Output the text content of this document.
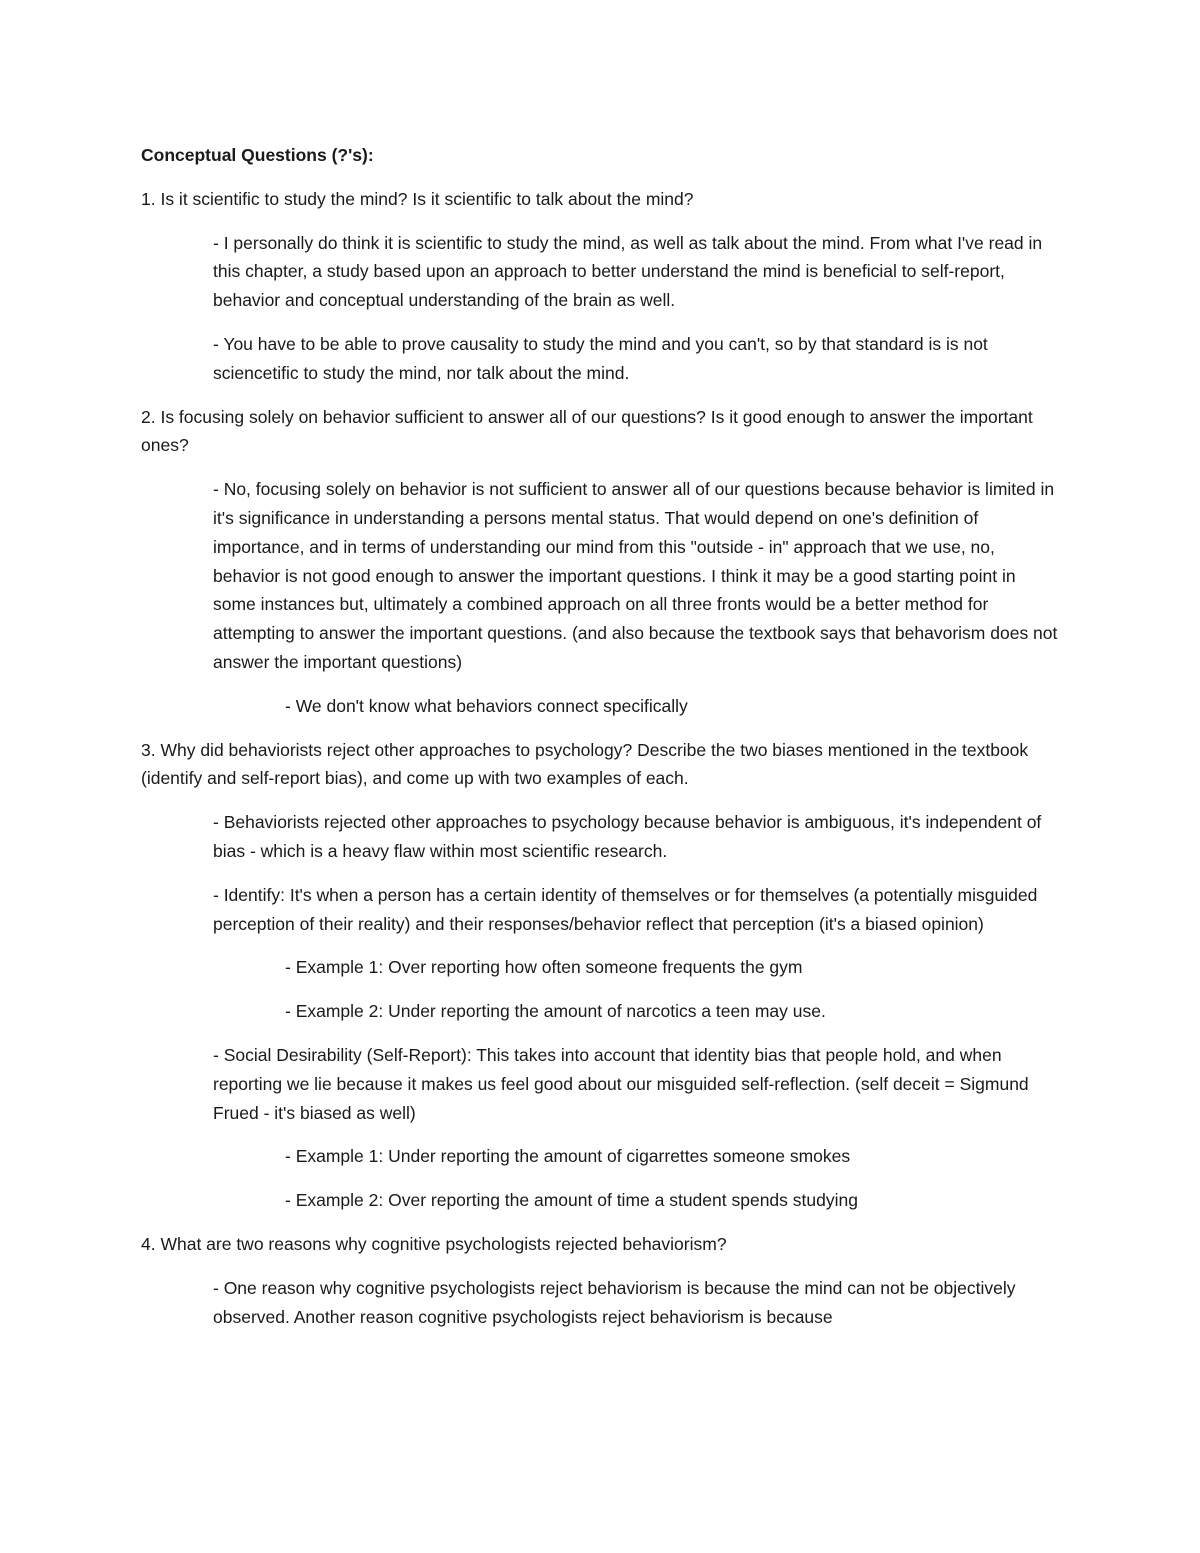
Conceptual Questions (?'s):

1. Is it scientific to study the mind? Is it scientific to talk about the mind?

- I personally do think it is scientific to study the mind, as well as talk about the mind. From what I've read in this chapter, a study based upon an approach to better understand the mind is beneficial to self-report, behavior and conceptual understanding of the brain as well.

- You have to be able to prove causality to study the mind and you can't, so by that standard is is not sciencetific to study the mind, nor talk about the mind.

2. Is focusing solely on behavior sufficient to answer all of our questions? Is it good enough to answer the important ones?

- No, focusing solely on behavior is not sufficient to answer all of our questions because behavior is limited in it's significance in understanding a persons mental status. That would depend on one's definition of importance, and in terms of understanding our mind from this "outside - in" approach that we use, no, behavior is not good enough to answer the important questions. I think it may be a good starting point in some instances but, ultimately a combined approach on all three fronts would be a better method for attempting to answer the important questions. (and also because the textbook says that behavorism does not answer the important questions)

- We don't know what behaviors connect specifically

3. Why did behaviorists reject other approaches to psychology? Describe the two biases mentioned in the textbook (identify and self-report bias), and come up with two examples of each.

- Behaviorists rejected other approaches to psychology because behavior is ambiguous, it's independent of bias - which is a heavy flaw within most scientific research.

- Identify: It's when a person has a certain identity of themselves or for themselves (a potentially misguided perception of their reality) and their responses/behavior reflect that perception (it's a biased opinion)

- Example 1: Over reporting how often someone frequents the gym

- Example 2: Under reporting the amount of narcotics a teen may use.

- Social Desirability (Self-Report): This takes into account that identity bias that people hold, and when reporting we lie because it makes us feel good about our misguided self-reflection. (self deceit = Sigmund Frued - it's biased as well)

- Example 1: Under reporting the amount of cigarrettes someone smokes

- Example 2: Over reporting the amount of time a student spends studying

4. What are two reasons why cognitive psychologists rejected behaviorism?

- One reason why cognitive psychologists reject behaviorism is because the mind can not be objectively observed. Another reason cognitive psychologists reject behaviorism is because
